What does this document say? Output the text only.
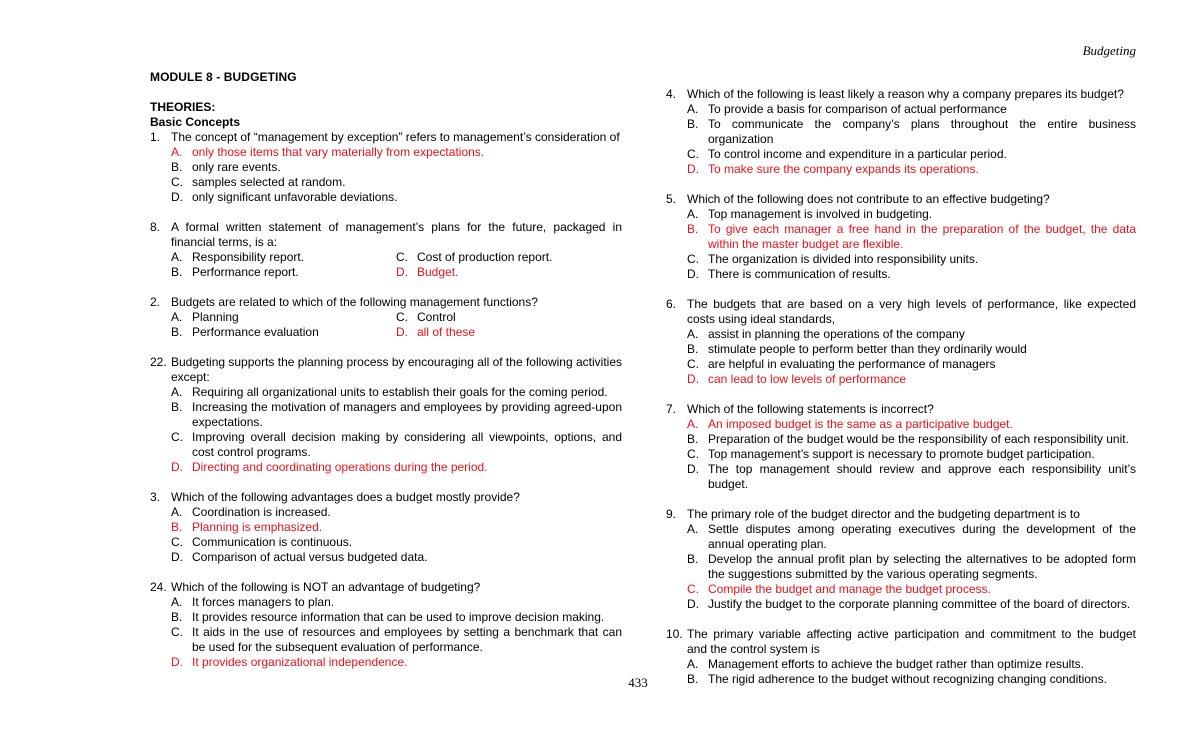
Budgeting
MODULE 8 - BUDGETING
THEORIES:
Basic Concepts
1. The concept of “management by exception” refers to management’s consideration of
A. only those items that vary materially from expectations.
B. only rare events.
C. samples selected at random.
D. only significant unfavorable deviations.
8. A formal written statement of management’s plans for the future, packaged in financial terms, is a:
A. Responsibility report.	C. Cost of production report.
B. Performance report.	D. Budget.
2. Budgets are related to which of the following management functions?
A. Planning	C. Control
B. Performance evaluation	D. all of these
22. Budgeting supports the planning process by encouraging all of the following activities except:
A. Requiring all organizational units to establish their goals for the coming period.
B. Increasing the motivation of managers and employees by providing agreed-upon expectations.
C. Improving overall decision making by considering all viewpoints, options, and cost control programs.
D. Directing and coordinating operations during the period.
3. Which of the following advantages does a budget mostly provide?
A. Coordination is increased.
B. Planning is emphasized.
C. Communication is continuous.
D. Comparison of actual versus budgeted data.
24. Which of the following is NOT an advantage of budgeting?
A. It forces managers to plan.
B. It provides resource information that can be used to improve decision making.
C. It aids in the use of resources and employees by setting a benchmark that can be used for the subsequent evaluation of performance.
D. It provides organizational independence.
4. Which of the following is least likely a reason why a company prepares its budget?
A. To provide a basis for comparison of actual performance
B. To communicate the company’s plans throughout the entire business organization
C. To control income and expenditure in a particular period.
D. To make sure the company expands its operations.
5. Which of the following does not contribute to an effective budgeting?
A. Top management is involved in budgeting.
B. To give each manager a free hand in the preparation of the budget, the data within the master budget are flexible.
C. The organization is divided into responsibility units.
D. There is communication of results.
6. The budgets that are based on a very high levels of performance, like expected costs using ideal standards,
A. assist in planning the operations of the company
B. stimulate people to perform better than they ordinarily would
C. are helpful in evaluating the performance of managers
D. can lead to low levels of performance
7. Which of the following statements is incorrect?
A. An imposed budget is the same as a participative budget.
B. Preparation of the budget would be the responsibility of each responsibility unit.
C. Top management’s support is necessary to promote budget participation.
D. The top management should review and approve each responsibility unit’s budget.
9. The primary role of the budget director and the budgeting department is to
A. Settle disputes among operating executives during the development of the annual operating plan.
B. Develop the annual profit plan by selecting the alternatives to be adopted form the suggestions submitted by the various operating segments.
C. Compile the budget and manage the budget process.
D. Justify the budget to the corporate planning committee of the board of directors.
10. The primary variable affecting active participation and commitment to the budget and the control system is
A. Management efforts to achieve the budget rather than optimize results.
B. The rigid adherence to the budget without recognizing changing conditions.
433
